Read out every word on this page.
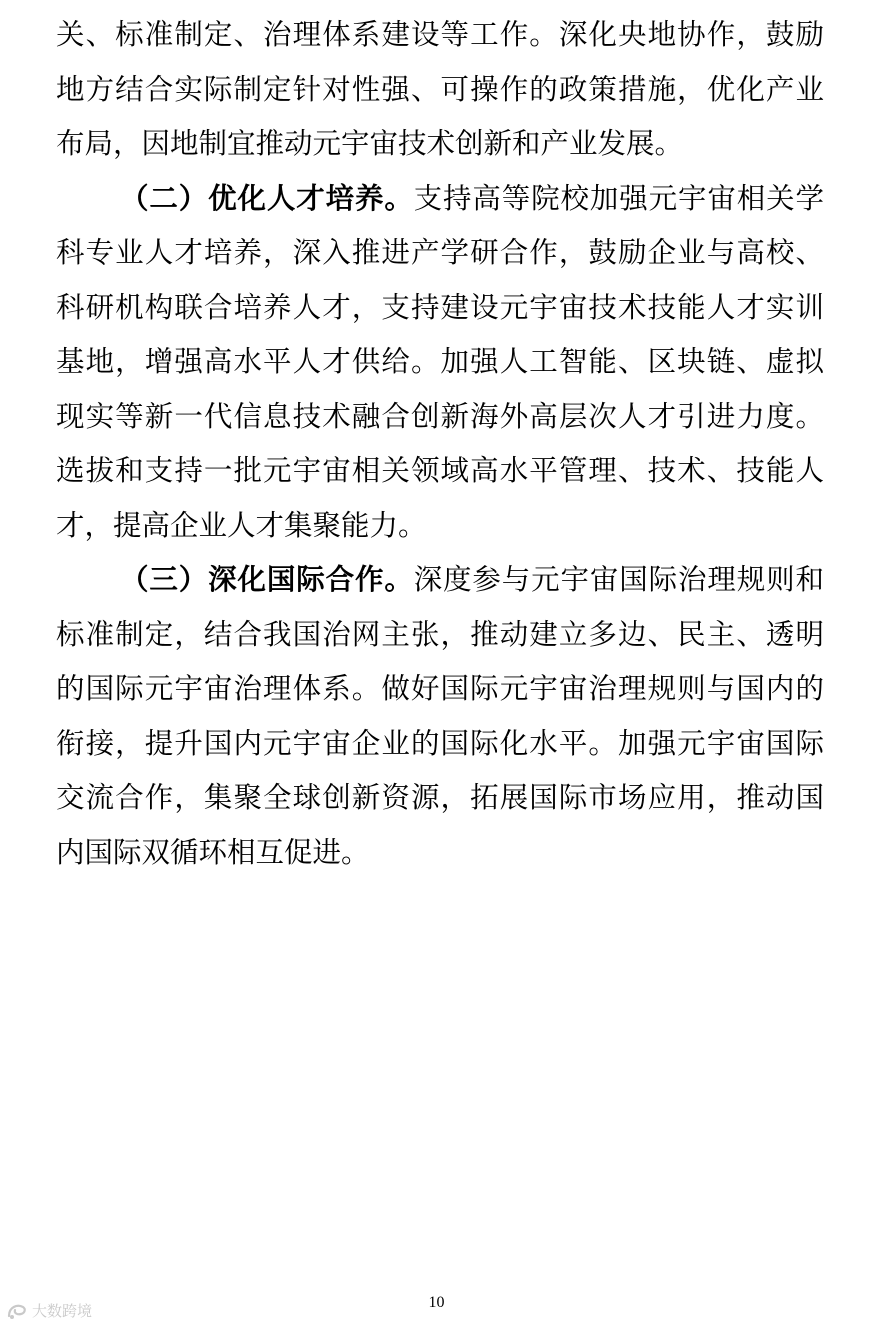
关、标准制定、治理体系建设等工作。深化央地协作，鼓励
地方结合实际制定针对性强、可操作的政策措施，优化产业
布局，因地制宜推动元宇宙技术创新和产业发展。
（二）优化人才培养。支持高等院校加强元宇宙相关学
科专业人才培养，深入推进产学研合作，鼓励企业与高校、
科研机构联合培养人才，支持建设元宇宙技术技能人才实训
基地，增强高水平人才供给。加强人工智能、区块链、虚拟
现实等新一代信息技术融合创新海外高层次人才引进力度。
选拔和支持一批元宇宙相关领域高水平管理、技术、技能人
才，提高企业人才集聚能力。
（三）深化国际合作。深度参与元宇宙国际治理规则和
标准制定，结合我国治网主张，推动建立多边、民主、透明
的国际元宇宙治理体系。做好国际元宇宙治理规则与国内的
衔接，提升国内元宇宙企业的国际化水平。加强元宇宙国际
交流合作，集聚全球创新资源，拓展国际市场应用，推动国
内国际双循环相互促进。
10
大数跨境
